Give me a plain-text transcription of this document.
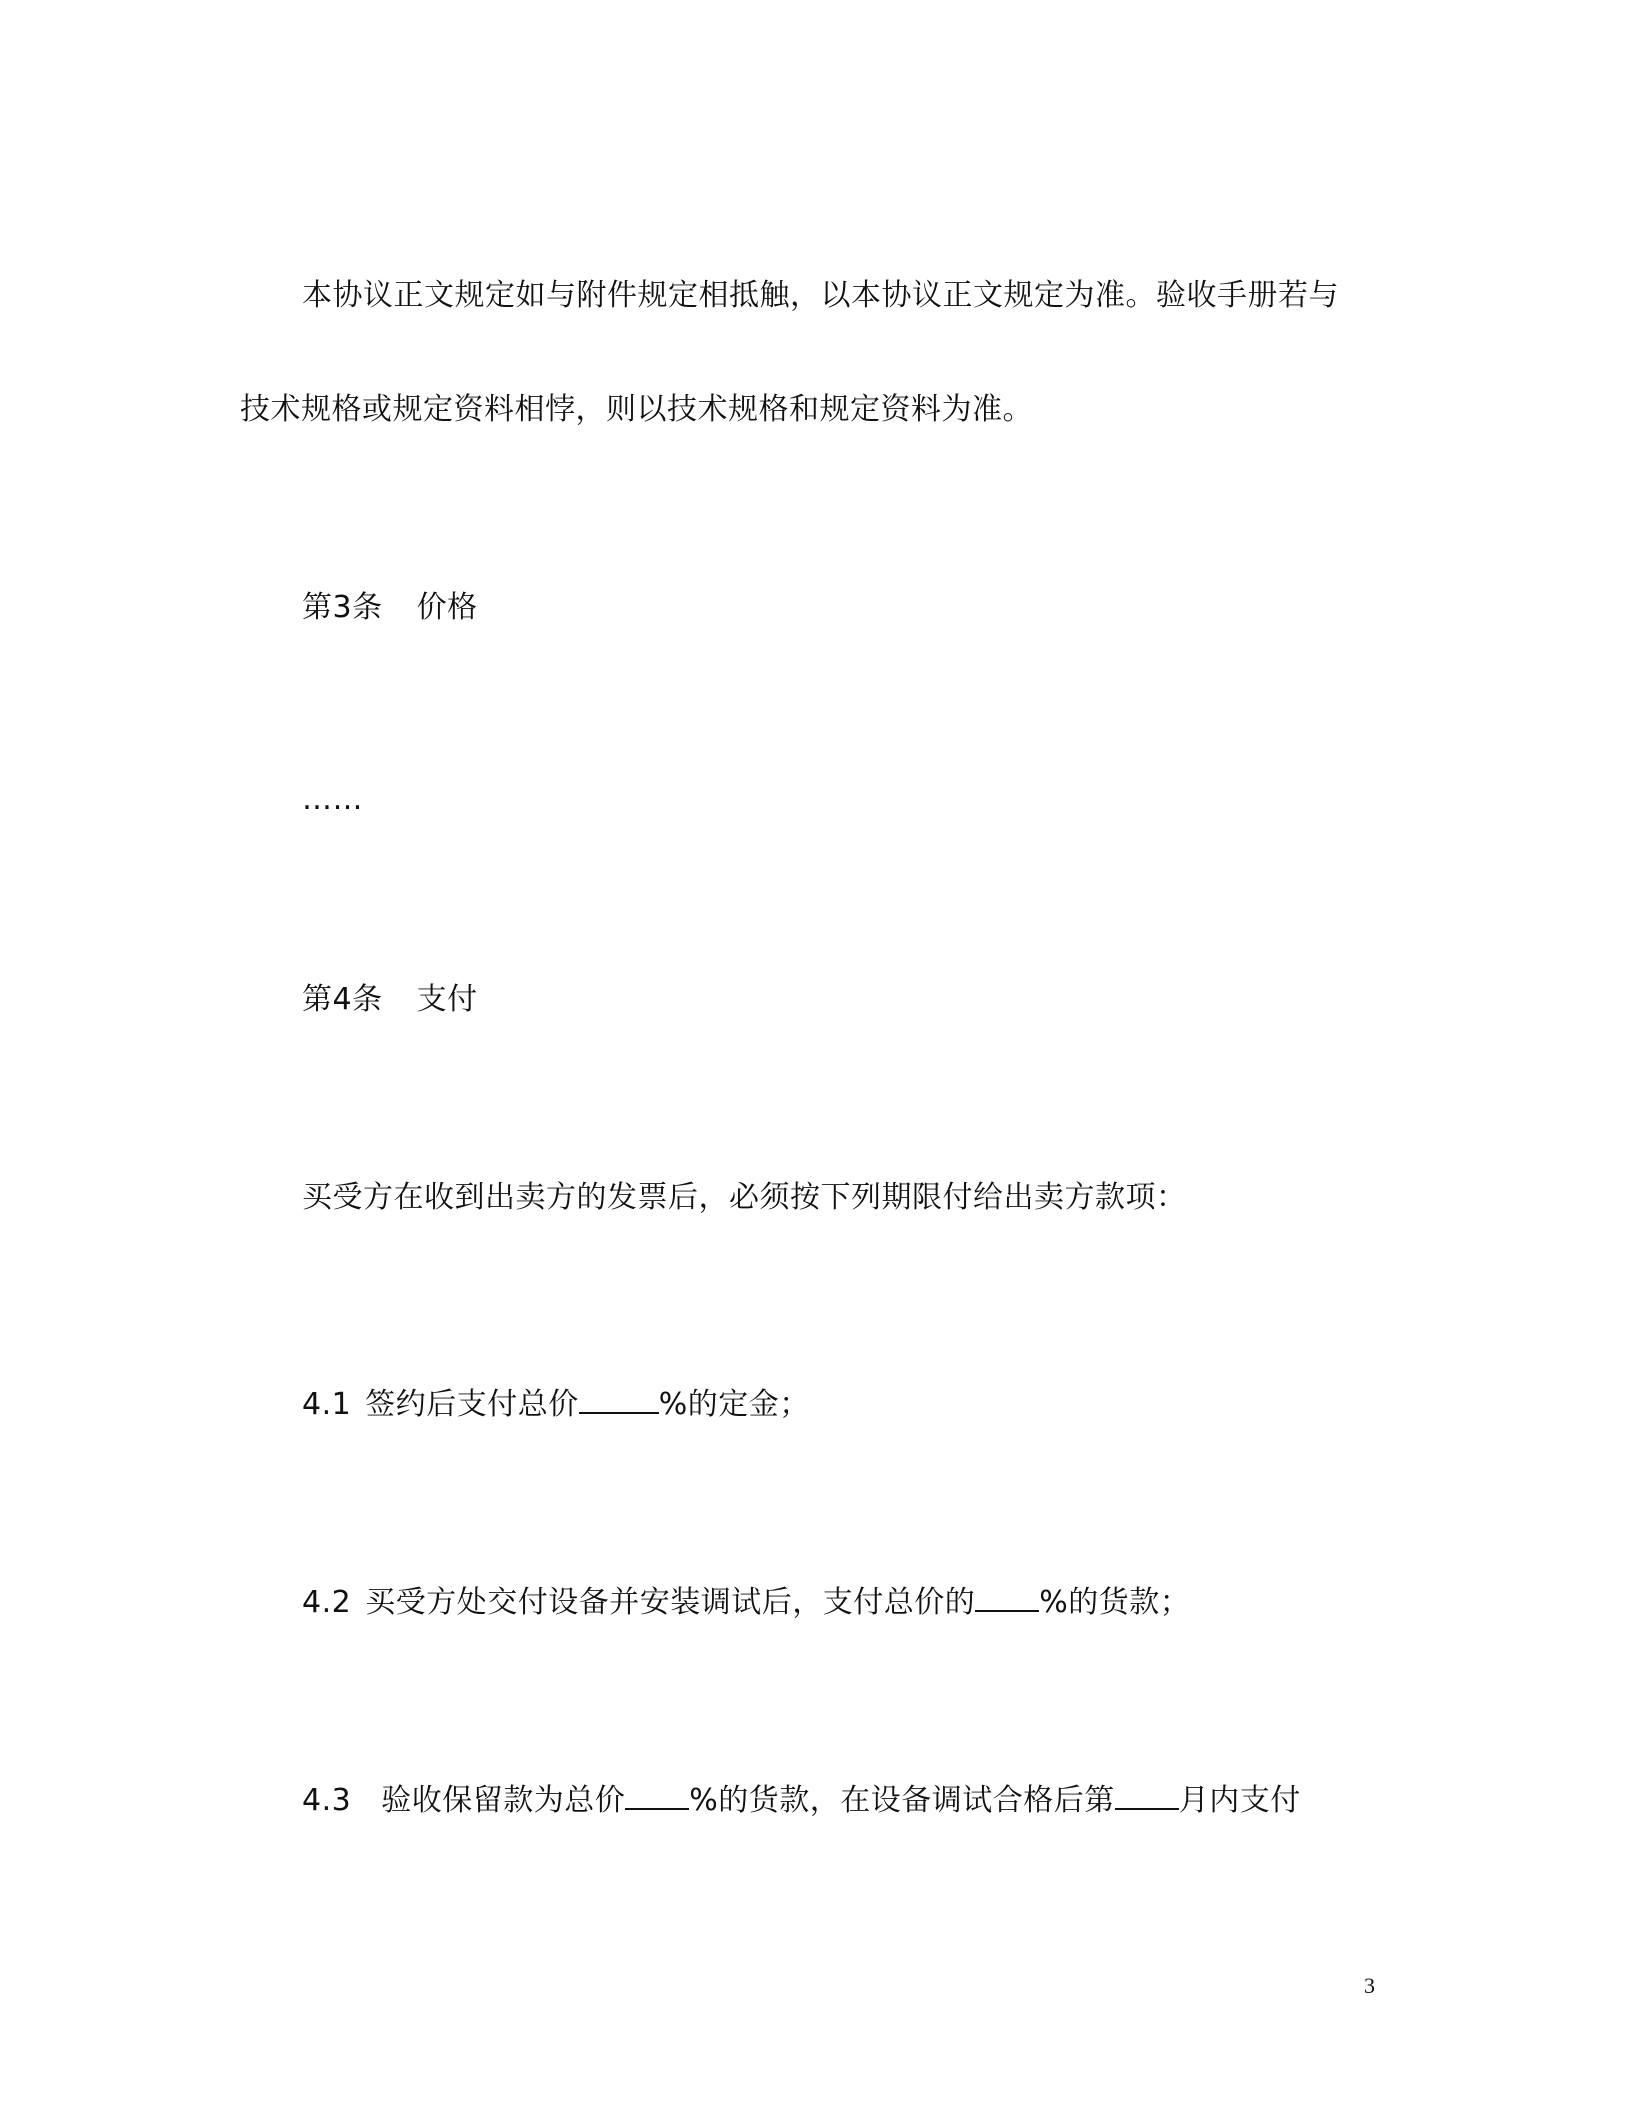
本协议正文规定如与附件规定相抵触，以本协议正文规定为准。验收手册若与
技术规格或规定资料相悖，则以技术规格和规定资料为准。
第3条 价格
……
第4条 支付
买受方在收到出卖方的发票后，必须按下列期限付给出卖方款项：
4.1 签约后支付总价	%的定金；
4.2 买受方处交付设备并安装调试后，支付总价的 %的货款；
4.3 验收保留款为总价 %的货款，在设备调试合格后第 月内支付
3
